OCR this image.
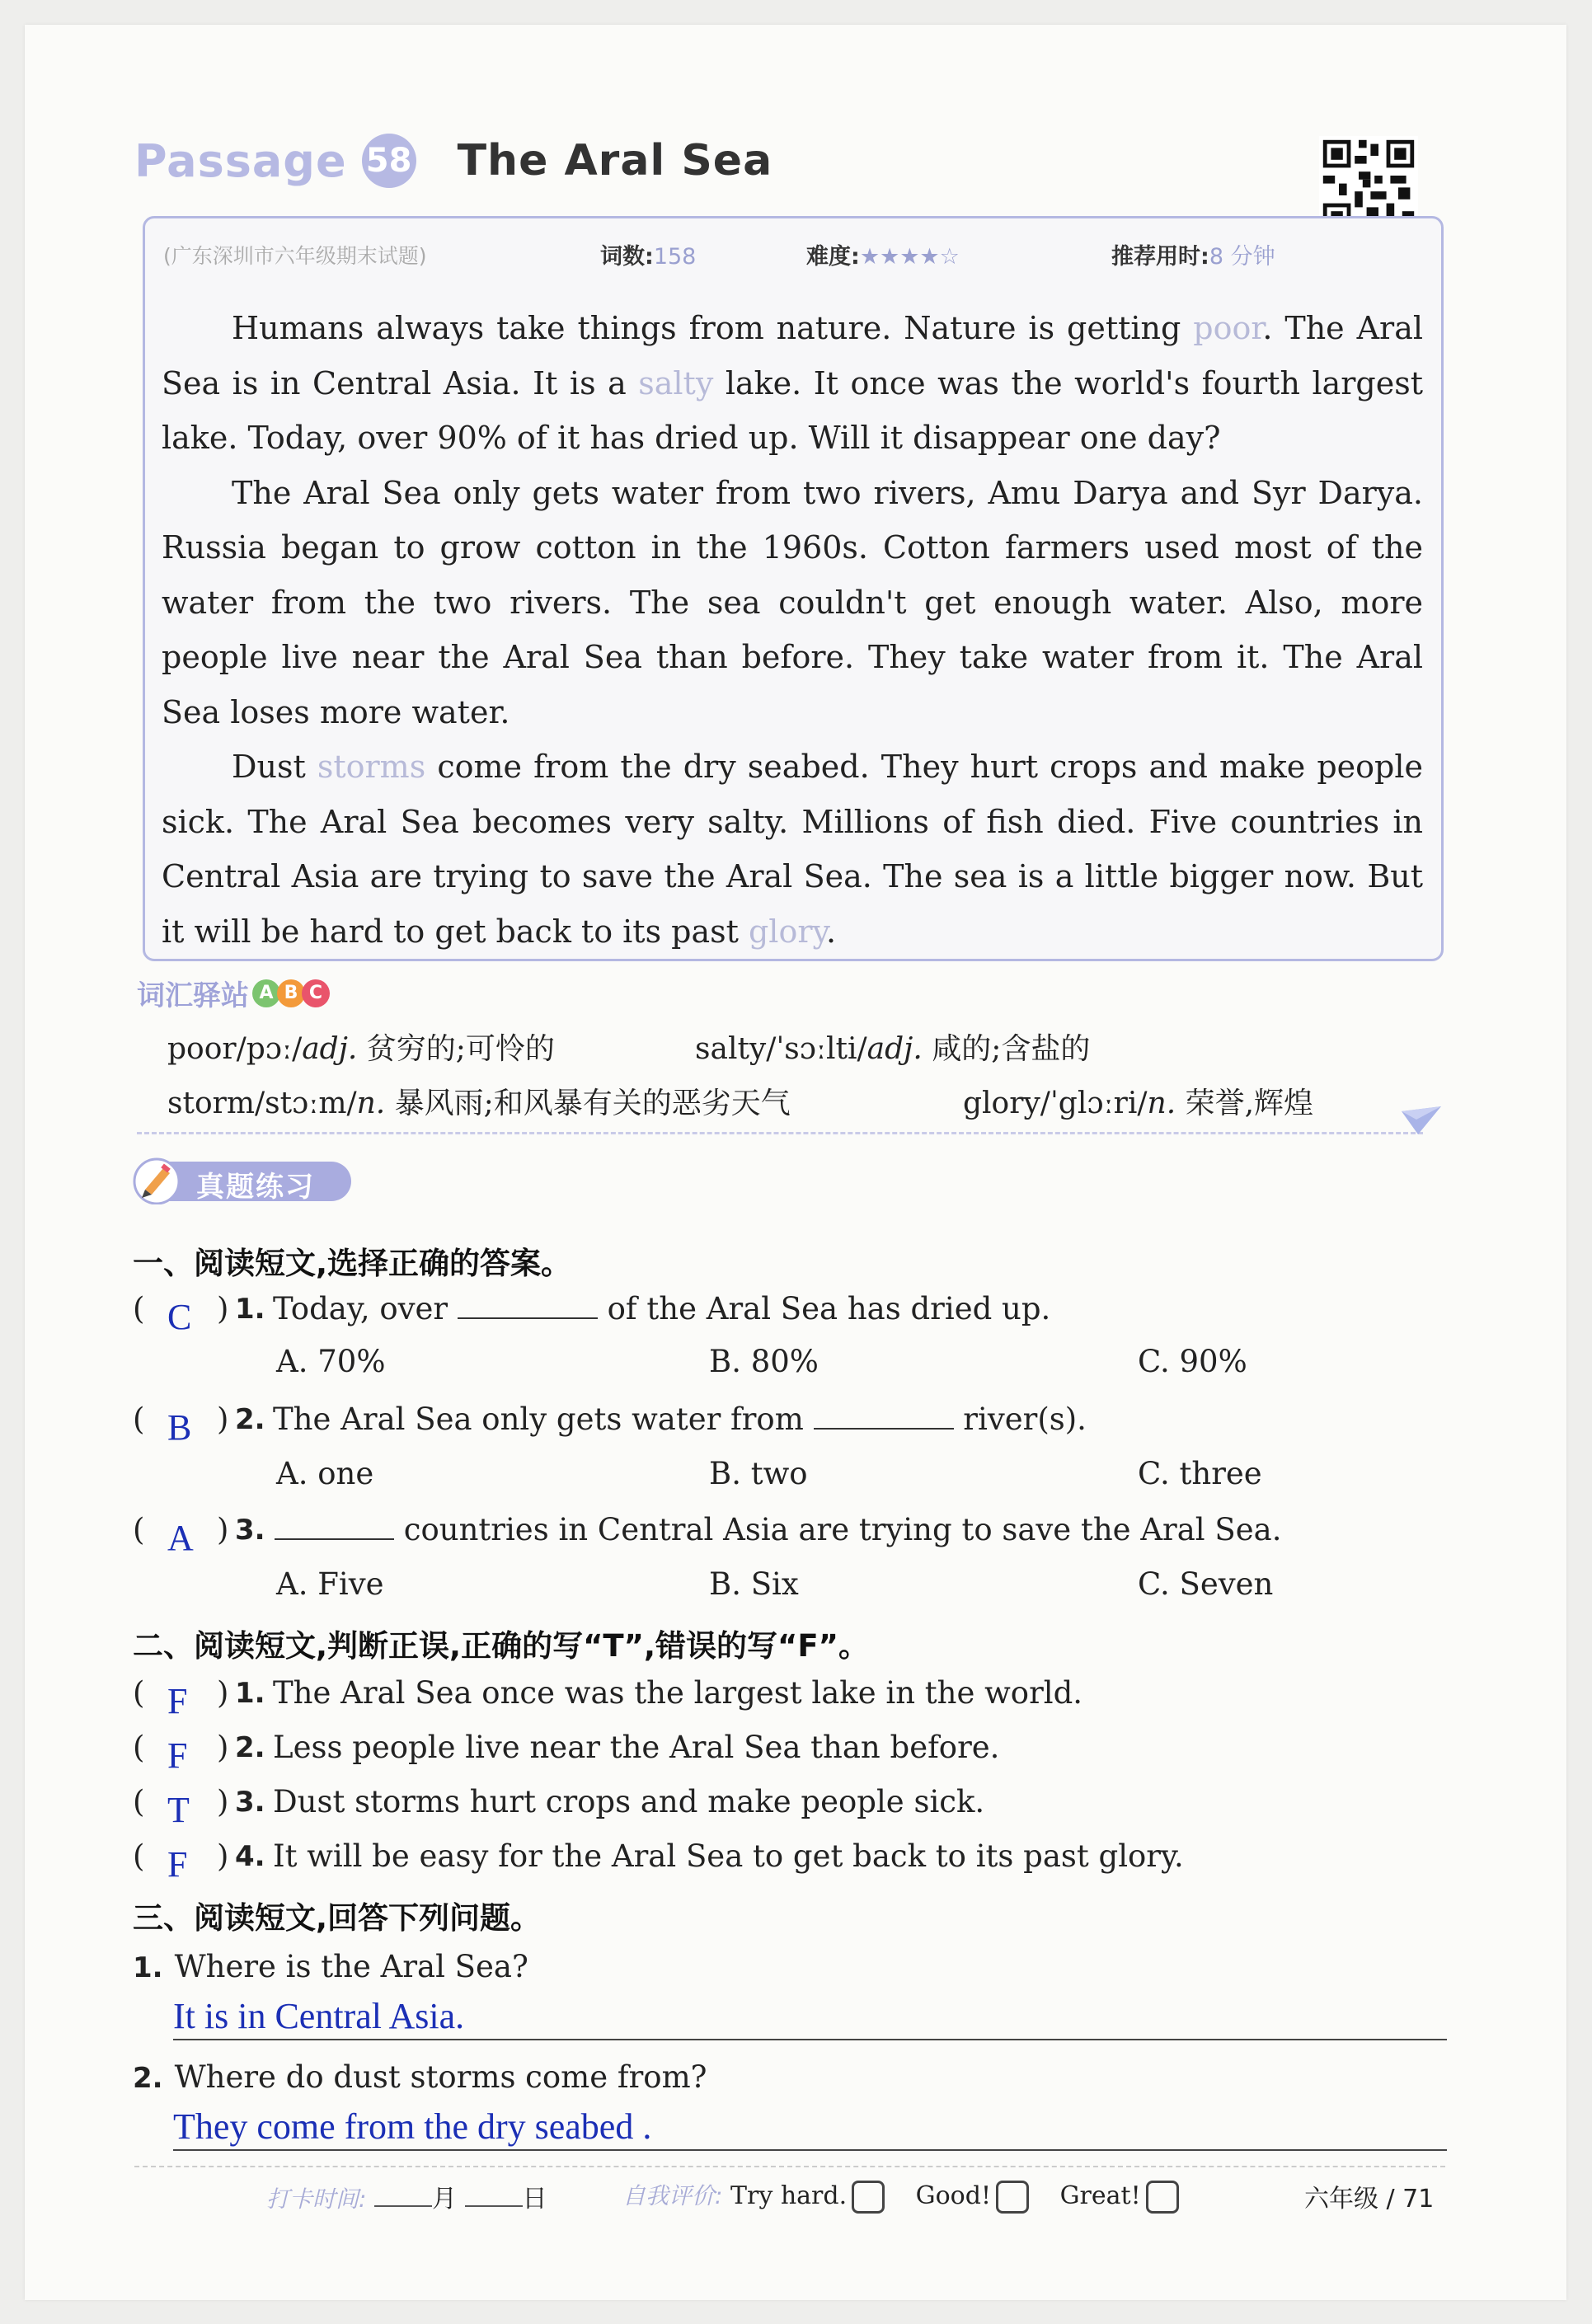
Passage 58 The Aral Sea
(广东深圳市六年级期末试题)	词数:158	难度:★★★★☆	推荐用时:8 分钟
Humans always take things from nature. Nature is getting poor. The Aral Sea is in Central Asia. It is a salty lake. It once was the world's fourth largest lake. Today, over 90% of it has dried up. Will it disappear one day?
The Aral Sea only gets water from two rivers, Amu Darya and Syr Darya. Russia began to grow cotton in the 1960s. Cotton farmers used most of the water from the two rivers. The sea couldn't get enough water. Also, more people live near the Aral Sea than before. They take water from it. The Aral Sea loses more water.
Dust storms come from the dry seabed. They hurt crops and make people sick. The Aral Sea becomes very salty. Millions of fish died. Five countries in Central Asia are trying to save the Aral Sea. The sea is a little bigger now. But it will be hard to get back to its past glory.
词汇驿站 A B C
poor/pɔː/adj. 贫穷的;可怜的	salty/ˈsɔːlti/adj. 咸的;含盐的
storm/stɔːm/n. 暴风雨;和风暴有关的恶劣天气	glory/ˈglɔːri/n. 荣誉,辉煌
真题练习
一、阅读短文,选择正确的答案。
( C ) 1. Today, over	of the Aral Sea has dried up.
A. 70%	B. 80%	C. 90%
( B ) 2. The Aral Sea only gets water from	river(s).
A. one	B. two	C. three
( A ) 3.	countries in Central Asia are trying to save the Aral Sea.
A. Five	B. Six	C. Seven
二、阅读短文,判断正误,正确的写“T”,错误的写“F”。
( F ) 1. The Aral Sea once was the largest lake in the world.
( F ) 2. Less people live near the Aral Sea than before.
( T ) 3. Dust storms hurt crops and make people sick.
( F ) 4. It will be easy for the Aral Sea to get back to its past glory.
三、阅读短文,回答下列问题。
1. Where is the Aral Sea?
It is in Central Asia.
2. Where do dust storms come from?
They come from the dry seabed .
打卡时间:	月	日	自我评价: Try hard.	Good!	Great!	六年级 / 71
